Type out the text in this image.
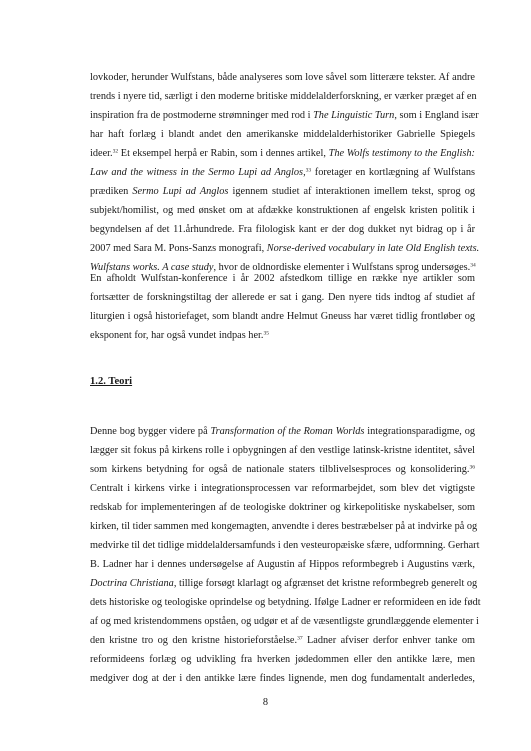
lovkoder, herunder Wulfstans, både analyseres som love såvel som litterære tekster. Af andre
trends i nyere tid, særligt i den moderne britiske middelalderforskning, er værker præget af en
inspiration fra de postmoderne strømninger med rod i The Linguistic Turn, som i England især
har haft forlæg i blandt andet den amerikanske middelalderhistoriker Gabrielle Spiegels
ideer.$^{32}$ Et eksempel herpå er Rabin, som i dennes artikel, The Wolfs testimony to the English:
Law and the witness in the Sermo Lupi ad Anglos,$^{33}$ foretager en kortlægning af Wulfstans
prædiken Sermo Lupi ad Anglos igennem studiet af interaktionen imellem tekst, sprog og
subjekt/homilist, og med ønsket om at afdække konstruktionen af engelsk kristen politik i
begyndelsen af det 11.århundrede. Fra filologisk kant er der dog dukket nyt bidrag op i år
2007 med Sara M. Pons-Sanzs monografi, Norse-derived vocabulary in late Old English texts.
Wulfstans works. A case study, hvor de oldnordiske elementer i Wulfstans sprog undersøges.$^{34}$
En afholdt Wulfstan-konference i år 2002 afstedkom tillige en række nye artikler som
fortsætter de forskningstiltag der allerede er sat i gang. Den nyere tids indtog af studiet af
liturgien i også historiefaget, som blandt andre Helmut Gneuss har været tidlig frontløber og
eksponent for, har også vundet indpas her.$^{35}$
1.2. Teori
Denne bog bygger videre på Transformation of the Roman Worlds integrationsparadigme, og
lægger sit fokus på kirkens rolle i opbygningen af den vestlige latinsk-kristne identitet, såvel
som kirkens betydning for også de nationale staters tilblivelsesproces og konsolidering.$^{36}$
Centralt i kirkens virke i integrationsprocessen var reformarbejdet, som blev det vigtigste
redskab for implementeringen af de teologiske doktriner og kirkepolitiske nyskabelser, som
kirken, til tider sammen med kongemagten, anvendte i deres bestræbelser på at indvirke på og
medvirke til det tidlige middelaldersamfunds i den vesteuropæiske sfære, udformning. Gerhart
B. Ladner har i dennes undersøgelse af Augustin af Hippos reformbegreb i Augustins værk,
Doctrina Christiana, tillige forsøgt klarlagt og afgrænset det kristne reformbegreb generelt og
dets historiske og teologiske oprindelse og betydning. Ifølge Ladner er reformideen en ide født
af og med kristendommens opståen, og udgør et af de væsentligste grundlæggende elementer i
den kristne tro og den kristne historieforståelse.$^{37}$ Ladner afviser derfor enhver tanke om
reformideens forlæg og udvikling fra hverken jødedommen eller den antikke lære, men
medgiver dog at der i den antikke lære findes lignende, men dog fundamentalt anderledes,
8
